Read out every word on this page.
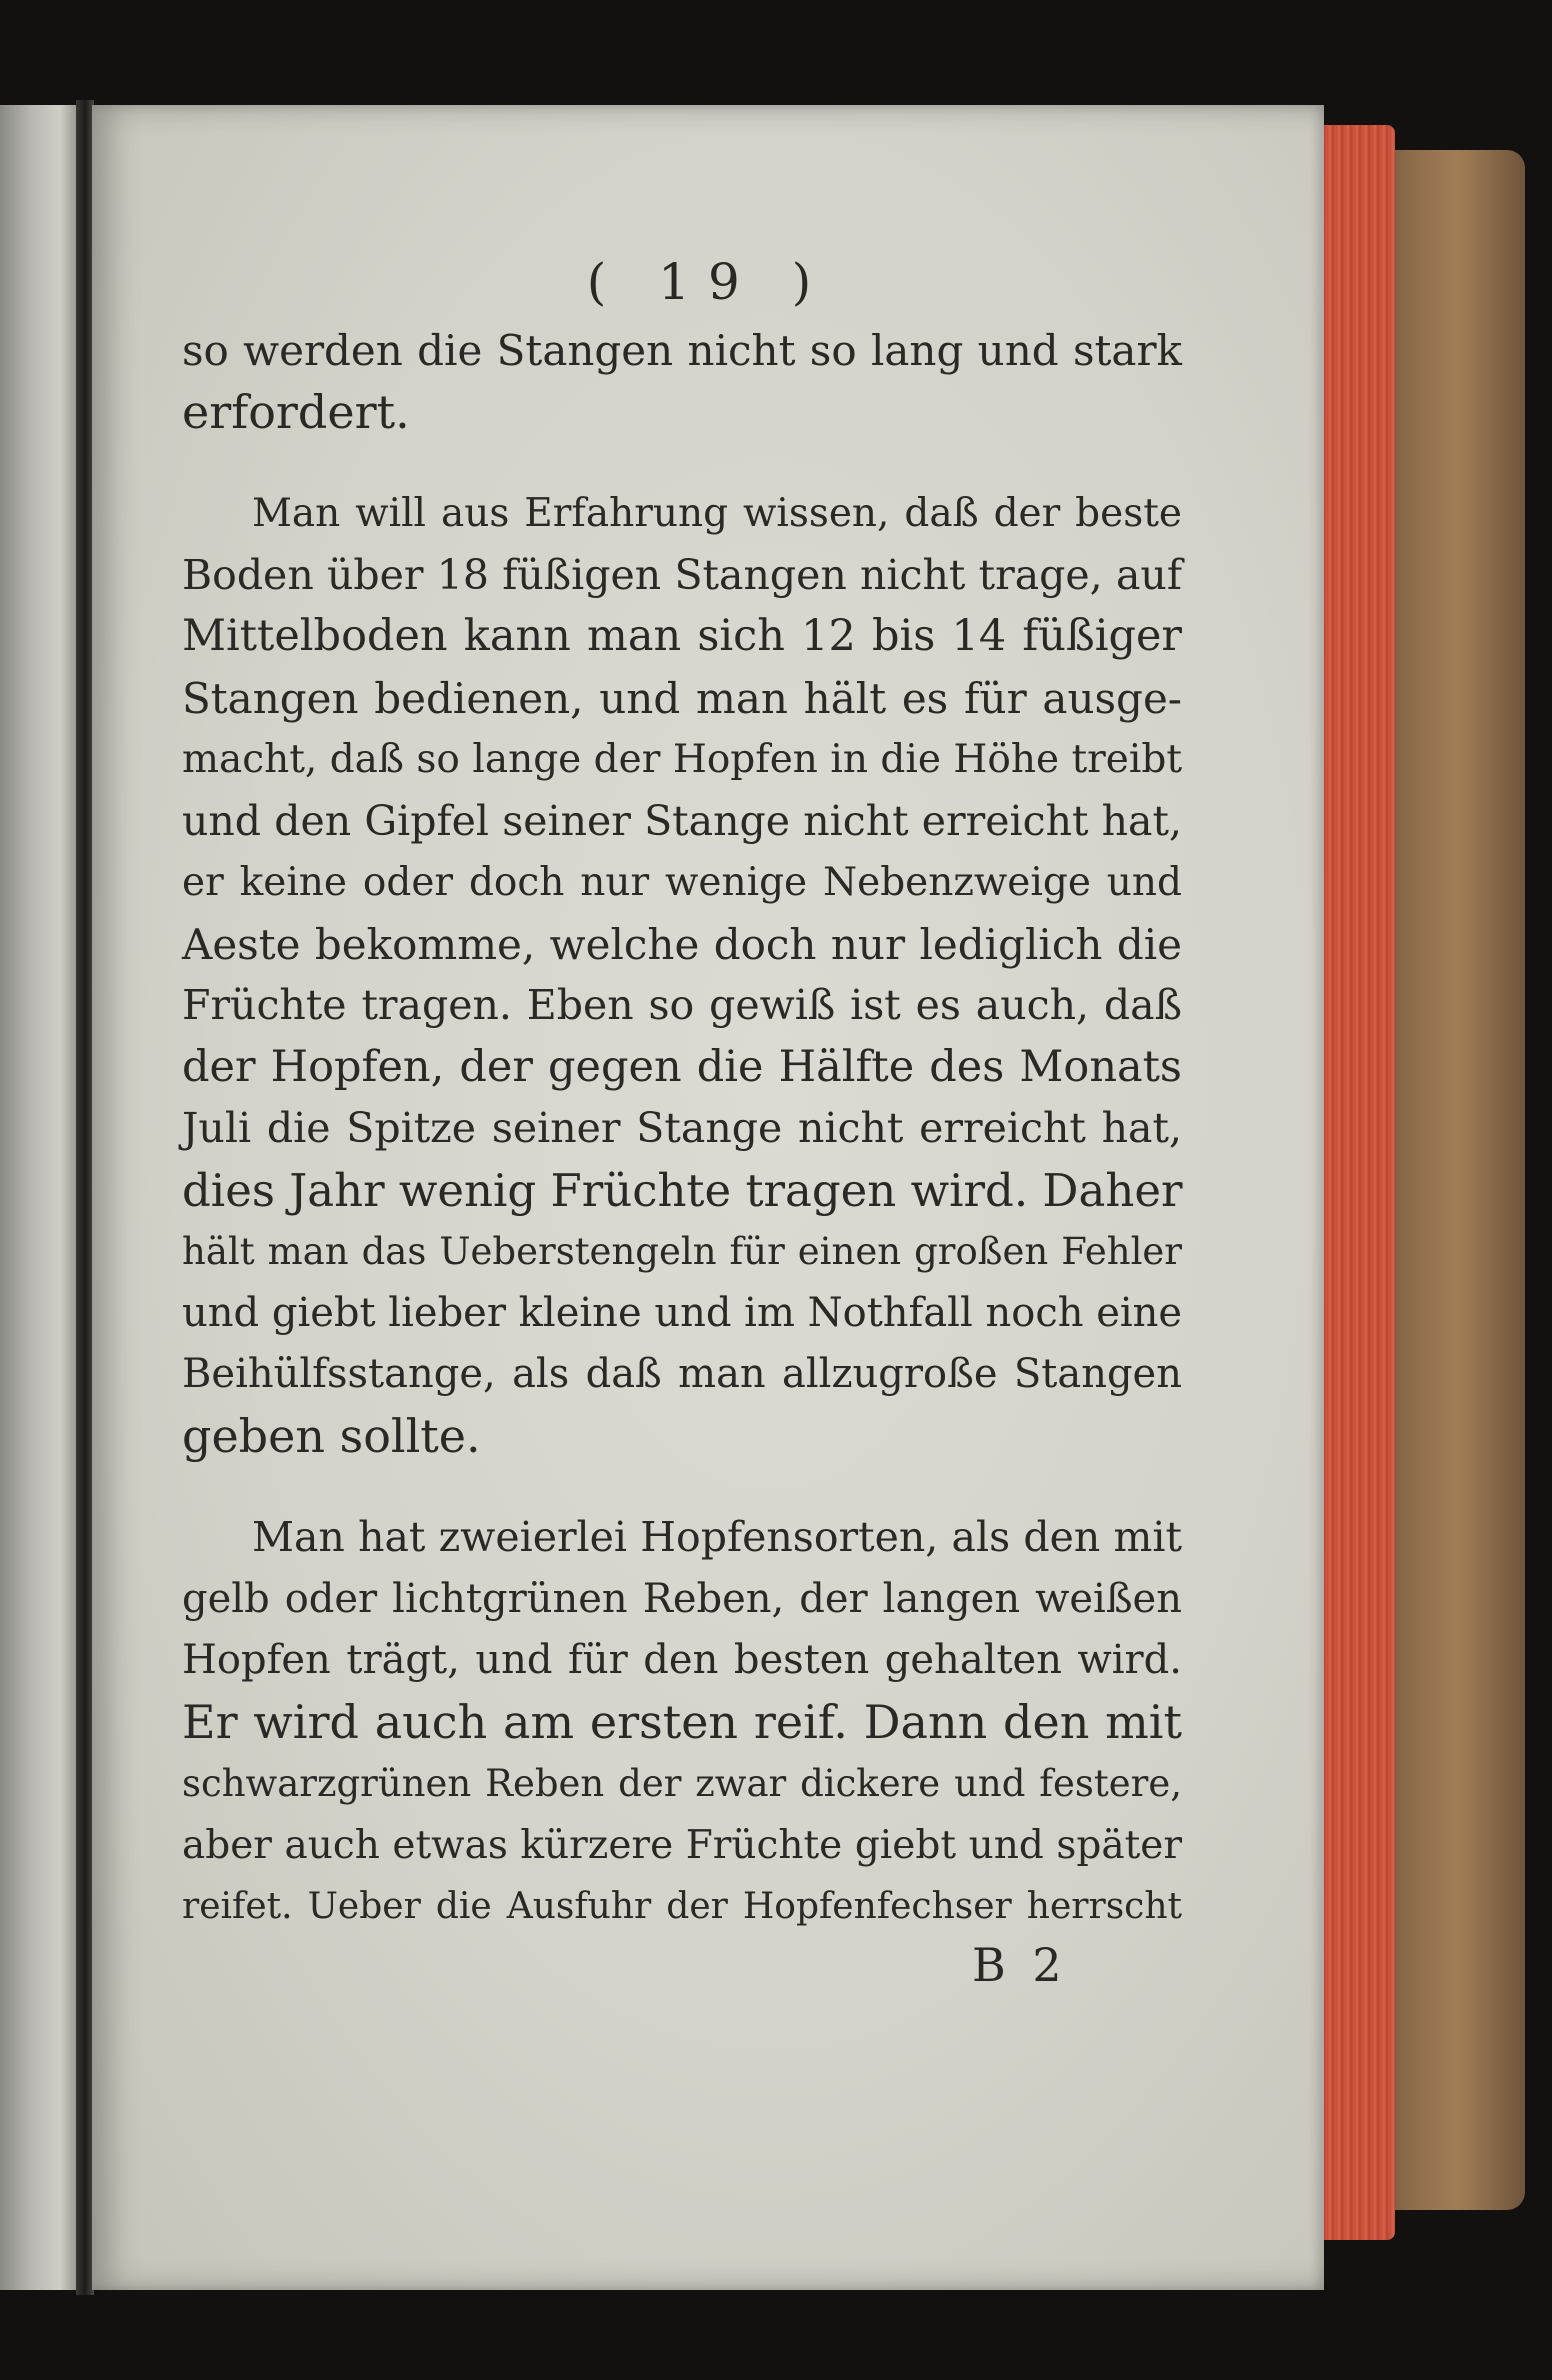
( 19 )

so werden die Stangen nicht so lang und stark
erfordert.

Man will aus Erfahrung wissen, daß der beste
Boden über 18 füßigen Stangen nicht trage, auf
Mittelboden kann man sich 12 bis 14 füßiger
Stangen bedienen, und man hält es für ausge-
macht, daß so lange der Hopfen in die Höhe treibt
und den Gipfel seiner Stange nicht erreicht hat,
er keine oder doch nur wenige Nebenzweige und
Aeste bekomme, welche doch nur lediglich die
Früchte tragen. Eben so gewiß ist es auch, daß
der Hopfen, der gegen die Hälfte des Monats
Juli die Spitze seiner Stange nicht erreicht hat,
dies Jahr wenig Früchte tragen wird. Daher
hält man das Ueberstengeln für einen großen Fehler
und giebt lieber kleine und im Nothfall noch eine
Beihülfsstange, als daß man allzugroße Stangen
geben sollte.

Man hat zweierlei Hopfensorten, als den mit
gelb oder lichtgrünen Reben, der langen weißen
Hopfen trägt, und für den besten gehalten wird.
Er wird auch am ersten reif. Dann den mit
schwarzgrünen Reben der zwar dickere und festere,
aber auch etwas kürzere Früchte giebt und später
reifet. Ueber die Ausfuhr der Hopfenfechser herrscht

B 2
